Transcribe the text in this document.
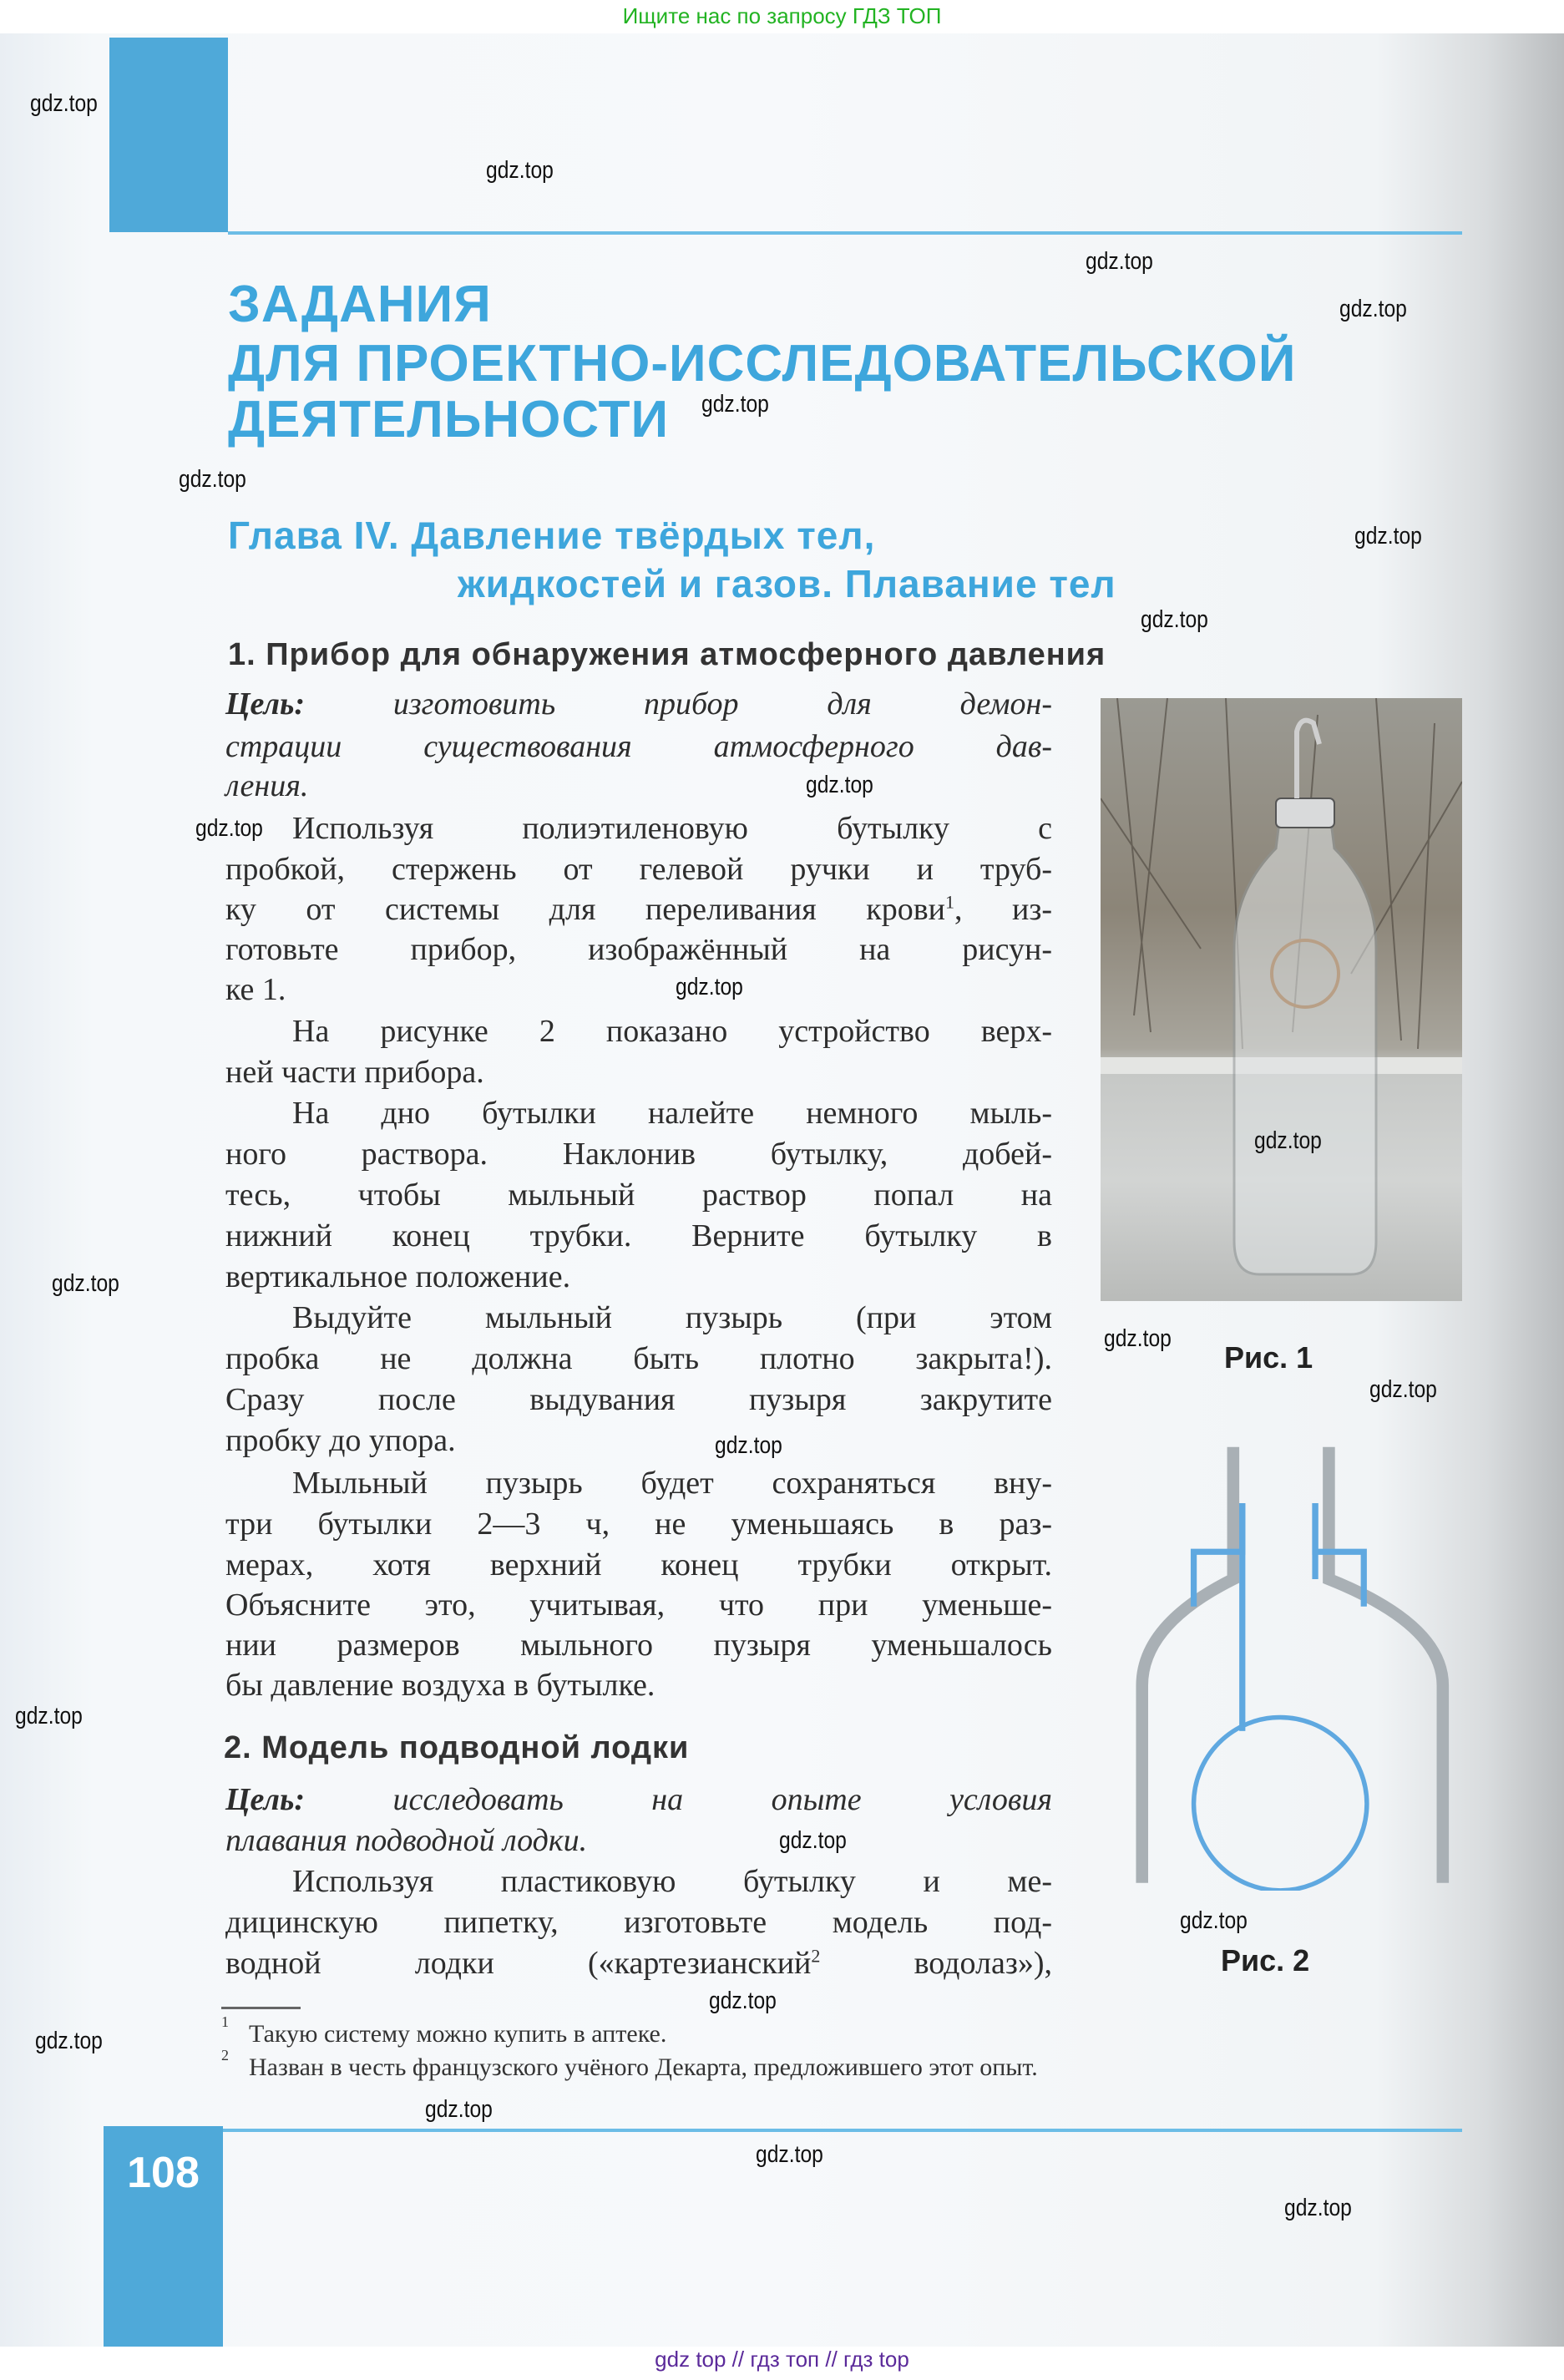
Ищите нас по запросу ГДЗ ТОП
ЗАДАНИЯ
ДЛЯ ПРОЕКТНО-ИССЛЕДОВАТЕЛЬСКОЙ
ДЕЯТЕЛЬНОСТИ
Глава IV. Давление твёрдых тел,
жидкостей и газов. Плавание тел
1. Прибор для обнаружения атмосферного давления
Цель:	изготовить прибор для демон-
страции существования атмосферного дав-
ления.
Используя полиэтиленовую бутылку с
пробкой, стержень от гелевой ручки и труб-
ку от системы для переливания крови$^1$, из-
готовьте прибор, изображённый на рисун-
ке 1.
На рисунке 2 показано устройство верх-
ней части прибора.
На дно бутылки налейте немного мыль-
ного раствора. Наклонив бутылку, добей-
тесь, чтобы мыльный раствор попал на
нижний конец трубки. Верните бутылку в
вертикальное положение.
Выдуйте мыльный пузырь (при этом
пробка не должна быть плотно закрыта!).
Сразу после выдувания пузыря закрутите
пробку до упора.
Мыльный пузырь будет сохраняться вну-
три бутылки 2—3 ч, не уменьшаясь в раз-
мерах, хотя верхний конец трубки открыт.
Объясните это, учитывая, что при уменьше-
нии размеров мыльного пузыря уменьшалось
бы давление воздуха в бутылке.
2. Модель подводной лодки
Цель:	исследовать на опыте условия
плавания подводной лодки.
Используя пластиковую бутылку и ме-
дицинскую пипетку, изготовьте модель под-
водной лодки («картезианский$^2$ водолаз»),
$^1$ Такую систему можно купить в аптеке.
$^2$ Назван в честь французского учёного Декарта, предложившего этот опыт.
Рис. 1
Рис. 2
108
gdz.top
gdz.top
gdz.top
gdz.top
gdz.top
gdz.top
gdz.top
gdz.top
gdz.top
gdz.top
gdz.top
gdz.top
gdz.top
gdz.top
gdz.top
gdz.top
gdz.top
gdz.top
gdz.top
gdz.top
gdz.top
gdz.top
gdz.top
gdz.top
gdz top // гдз топ // гдз top
